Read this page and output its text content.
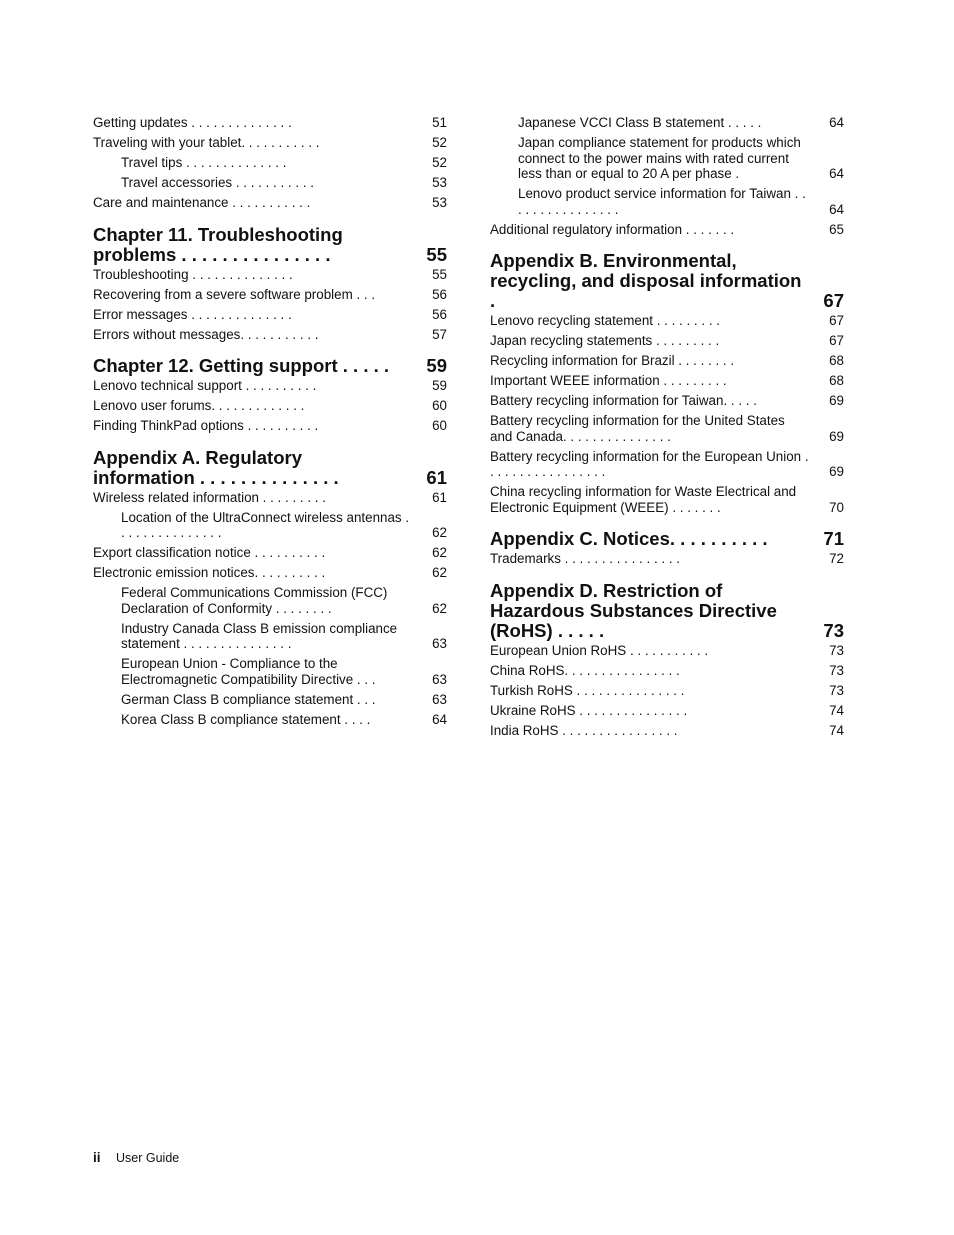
Getting updates . . . . . . . . . . . . . .	51
Traveling with your tablet. . . . . . . . . . .	52
Travel tips . . . . . . . . . . . . . .	52
Travel accessories . . . . . . . . . . .	53
Care and maintenance . . . . . . . . . . .	53
Chapter 11. Troubleshooting problems . . . . . . . . . . . . . . .	55
Troubleshooting . . . . . . . . . . . . . .	55
Recovering from a severe software problem . . .	56
Error messages . . . . . . . . . . . . . .	56
Errors without messages. . . . . . . . . . .	57
Chapter 12. Getting support . . . . .	59
Lenovo technical support . . . . . . . . . .	59
Lenovo user forums. . . . . . . . . . . . .	60
Finding ThinkPad options . . . . . . . . . .	60
Appendix A. Regulatory information . . . . . . . . . . . . . .	61
Wireless related information . . . . . . . . .	61
Location of the UltraConnect wireless antennas . . . . . . . . . . . . . . .	62
Export classification notice . . . . . . . . . .	62
Electronic emission notices. . . . . . . . . .	62
Federal Communications Commission (FCC) Declaration of Conformity . . . . . . . .	62
Industry Canada Class B emission compliance statement . . . . . . . . . . . . . . .	63
European Union - Compliance to the Electromagnetic Compatibility Directive . . .	63
German Class B compliance statement . . .	63
Korea Class B compliance statement . . . .	64
Japanese VCCI Class B statement . . . . .	64
Japan compliance statement for products which connect to the power mains with rated current less than or equal to 20 A per phase .	64
Lenovo product service information for Taiwan . . . . . . . . . . . . . . . .	64
Additional regulatory information . . . . . . .	65
Appendix B. Environmental, recycling, and disposal information .	67
Lenovo recycling statement . . . . . . . . .	67
Japan recycling statements . . . . . . . . .	67
Recycling information for Brazil . . . . . . . .	68
Important WEEE information . . . . . . . . .	68
Battery recycling information for Taiwan. . . . .	69
Battery recycling information for the United States and Canada. . . . . . . . . . . . . . .	69
Battery recycling information for the European Union . . . . . . . . . . . . . . . . .	69
China recycling information for Waste Electrical and Electronic Equipment (WEEE) . . . . . . .	70
Appendix C. Notices. . . . . . . . . .	71
Trademarks . . . . . . . . . . . . . . . .	72
Appendix D. Restriction of Hazardous Substances Directive (RoHS) . . . . .	73
European Union RoHS . . . . . . . . . . .	73
China RoHS. . . . . . . . . . . . . . . .	73
Turkish RoHS . . . . . . . . . . . . . . .	73
Ukraine RoHS . . . . . . . . . . . . . . .	74
India RoHS . . . . . . . . . . . . . . . .	74
ii User Guide
